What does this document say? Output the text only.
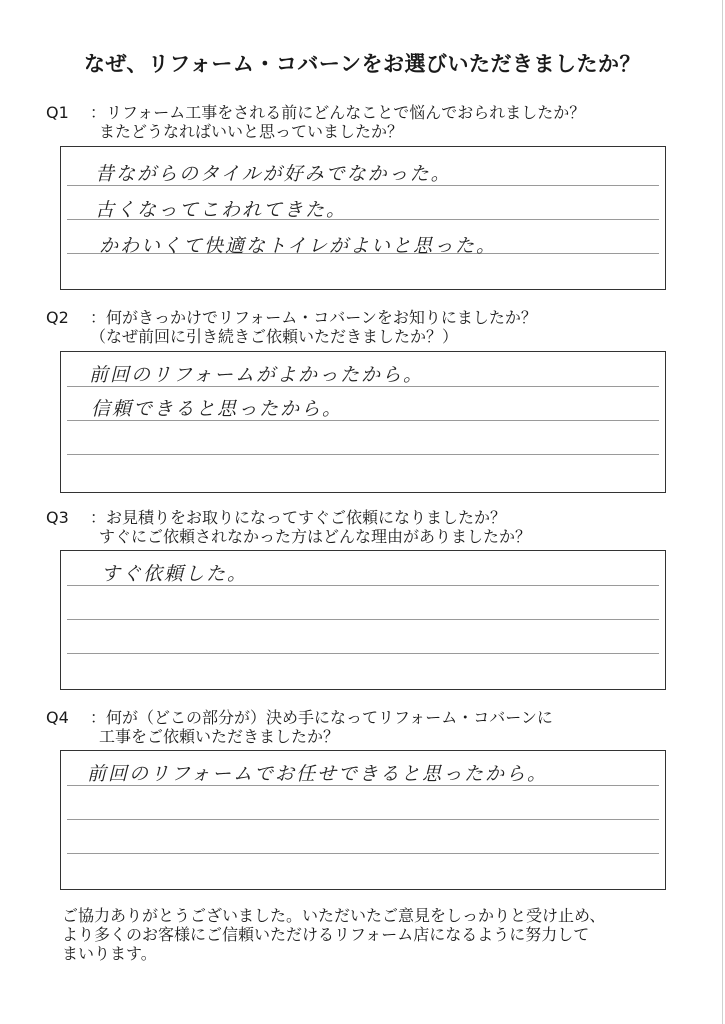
なぜ、リフォーム・コバーンをお選びいただきましたか？
Q1 ：リフォーム工事をされる前にどんなことで悩んでおられましたか？
またどうなればいいと思っていましたか？
昔ながらのタイルが好みでなかった。
古くなってこわれてきた。
かわいくて快適なトイレがよいと思った。
Q2 ：何がきっかけでリフォーム・コバーンをお知りにましたか？
（なぜ前回に引き続きご依頼いただきましたか？）
前回のリフォームがよかったから。
信頼できると思ったから。
Q3 ：お見積りをお取りになってすぐご依頼になりましたか？
すぐにご依頼されなかった方はどんな理由がありましたか？
すぐ依頼した。
Q4 ：何が（どこの部分が）決め手になってリフォーム・コバーンに
工事をご依頼いただきましたか？
前回のリフォームでお任せできると思ったから。
ご協力ありがとうございました。いただいたご意見をしっかりと受け止め、
より多くのお客様にご信頼いただけるリフォーム店になるように努力して
まいります。
